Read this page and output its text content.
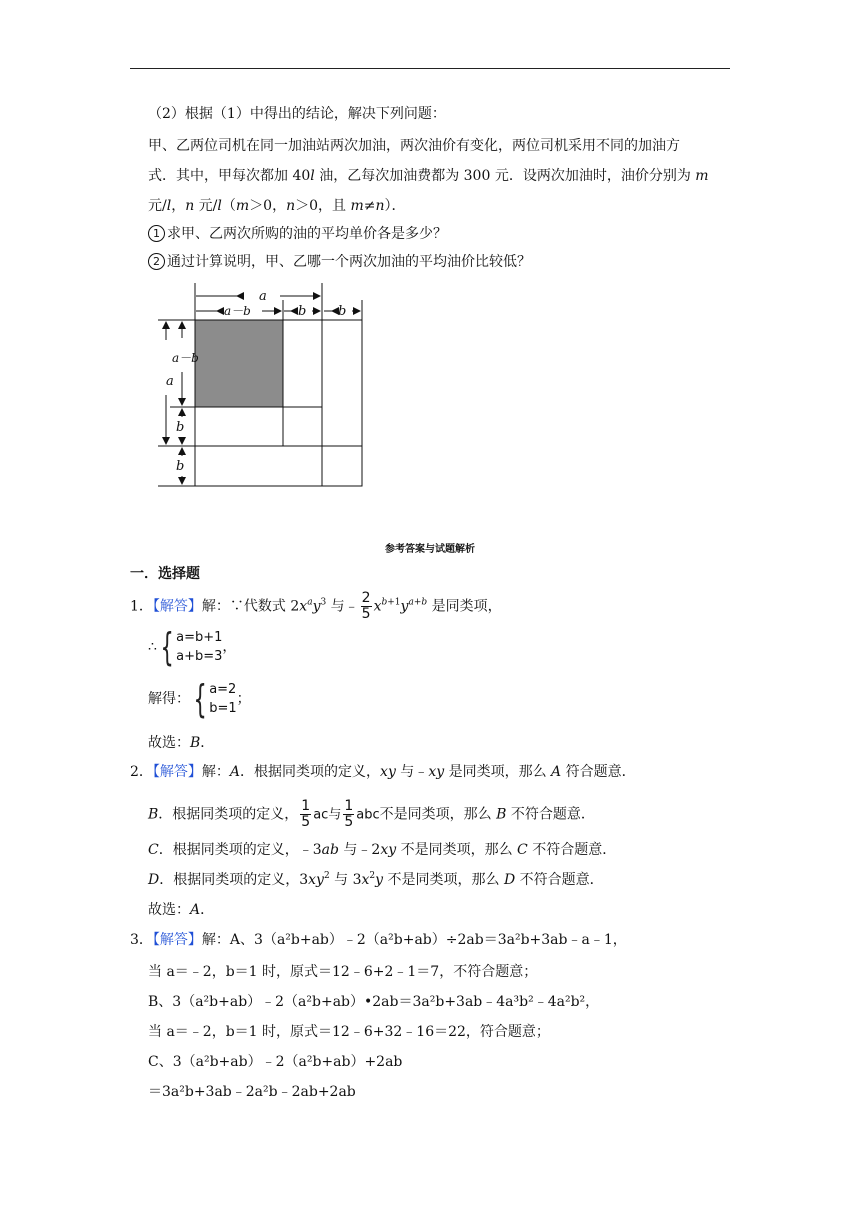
（2）根据（1）中得出的结论，解决下列问题：
甲、乙两位司机在同一加油站两次加油，两次油价有变化，两位司机采用不同的加油方
式．其中，甲每次都加 40l 油，乙每次加油费都为 300 元．设两次加油时，油价分别为 m
元/l，n 元/l（m＞0，n＞0，且 m≠n）．
1 求甲、乙两次所购的油的平均单价各是多少？
2 通过计算说明，甲、乙哪一个两次加油的平均油价比较低？
a
a－b	b b
a－b
a
b
b
参考答案与试题解析
一．选择题
1．【解答】解：∵代数式 $2x^ay^3$ 与﹣ $\frac{2}{5} x^{b+1}y^{a+b}$ 是同类项，
∴{ a=b+1
a+b=3
，
解得：{ a=2
b=1
；
故选：B．
2．【解答】解：A．根据同类项的定义，xy 与﹣xy 是同类项，那么 A 符合题意．
B．根据同类项的定义， $\frac{1}{5}$ ac与 $\frac{1}{5}$ abc不是同类项，那么 B 不符合题意．
C．根据同类项的定义，﹣3ab 与﹣2xy 不是同类项，那么 C 不符合题意．
D．根据同类项的定义，$3xy^2$ 与 $3x^2y$ 不是同类项，那么 D 不符合题意．
故选：A．
3．【解答】解：A、3（a²b+ab）﹣2（a²b+ab）÷2ab＝3a²b+3ab﹣a﹣1，
当 a＝﹣2，b＝1 时，原式＝12﹣6+2﹣1＝7，不符合题意；
B、3（a²b+ab）﹣2（a²b+ab）•2ab＝3a²b+3ab﹣4a³b²﹣4a²b²，
当 a＝﹣2，b＝1 时，原式＝12﹣6+32﹣16＝22，符合题意；
C、3（a²b+ab）﹣2（a²b+ab）+2ab
＝3a²b+3ab﹣2a²b﹣2ab+2ab
